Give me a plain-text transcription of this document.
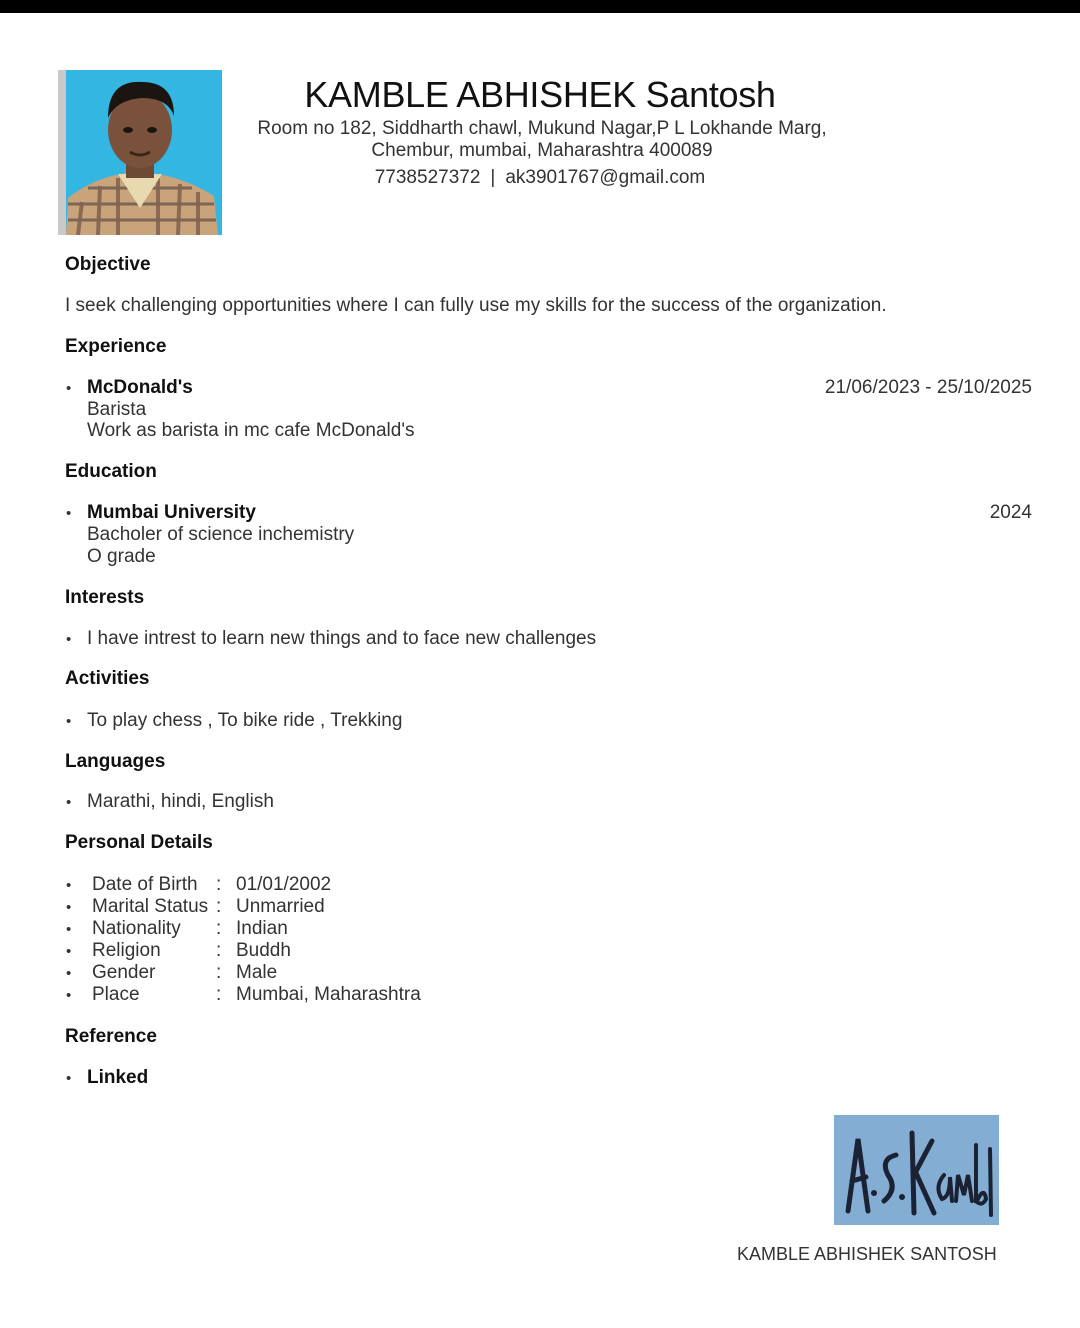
KAMBLE ABHISHEK Santosh
Room no 182, Siddharth chawl, Mukund Nagar,P L Lokhande Marg,
Chembur, mumbai, Maharashtra 400089
7738527372 | ak3901767@gmail.com
Objective
I seek challenging opportunities where I can fully use my skills for the success of the organization.
Experience
• McDonald's	21/06/2023 - 25/10/2025
Barista
Work as barista in mc cafe McDonald's
Education
• Mumbai University	2024
Bacholer of science inchemistry
O grade
Interests
• I have intrest to learn new things and to face new challenges
Activities
• To play chess , To bike ride , Trekking
Languages
• Marathi, hindi, English
Personal Details
• Date of Birth : 01/01/2002
• Marital Status : Unmarried
• Nationality : Indian
• Religion	: Buddh
• Gender	: Male
• Place	: Mumbai, Maharashtra
Reference
• Linked
KAMBLE ABHISHEK SANTOSH
